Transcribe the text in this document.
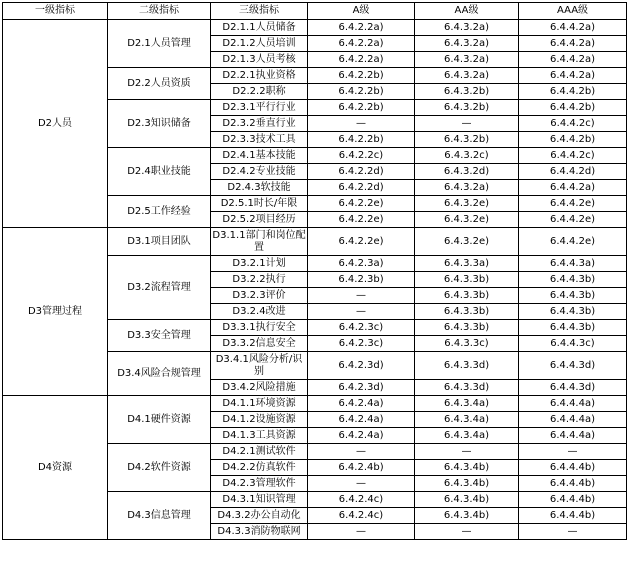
一级指标	二级指标	三级指标	A级	AA级	AAA级
D2人员	D2.1人员管理	D2.1.1人员储备	6.4.2.2a)	6.4.3.2a)	6.4.4.2a)
		D2.1.2人员培训	6.4.2.2a)	6.4.3.2a)	6.4.4.2a)
		D2.1.3人员考核	6.4.2.2a)	6.4.3.2a)	6.4.4.2a)
	D2.2人员资质	D2.2.1执业资格	6.4.2.2b)	6.4.3.2a)	6.4.4.2a)
		D2.2.2职称	6.4.2.2b)	6.4.3.2b)	6.4.4.2b)
	D2.3知识储备	D2.3.1平行行业	6.4.2.2b)	6.4.3.2b)	6.4.4.2b)
		D2.3.2垂直行业	—	—	6.4.4.2c)
		D2.3.3技术工具	6.4.2.2b)	6.4.3.2b)	6.4.4.2b)
	D2.4职业技能	D2.4.1基本技能	6.4.2.2c)	6.4.3.2c)	6.4.4.2c)
		D2.4.2专业技能	6.4.2.2d)	6.4.3.2d)	6.4.4.2d)
		D2.4.3软技能	6.4.2.2d)	6.4.3.2a)	6.4.4.2a)
	D2.5工作经验	D2.5.1时长/年限	6.4.2.2e)	6.4.3.2e)	6.4.4.2e)
		D2.5.2项目经历	6.4.2.2e)	6.4.3.2e)	6.4.4.2e)
D3管理过程	D3.1项目团队	D3.1.1部门和岗位配置	6.4.2.2e)	6.4.3.2e)	6.4.4.2e)
	D3.2流程管理	D3.2.1计划	6.4.2.3a)	6.4.3.3a)	6.4.4.3a)
		D3.2.2执行	6.4.2.3b)	6.4.3.3b)	6.4.4.3b)
		D3.2.3评价	—	6.4.3.3b)	6.4.4.3b)
		D3.2.4改进	—	6.4.3.3b)	6.4.4.3b)
	D3.3安全管理	D3.3.1执行安全	6.4.2.3c)	6.4.3.3b)	6.4.4.3b)
		D3.3.2信息安全	6.4.2.3c)	6.4.3.3c)	6.4.4.3c)
	D3.4风险合规管理	D3.4.1风险分析/识别	6.4.2.3d)	6.4.3.3d)	6.4.4.3d)
		D3.4.2风险措施	6.4.2.3d)	6.4.3.3d)	6.4.4.3d)
D4资源	D4.1硬件资源	D4.1.1环境资源	6.4.2.4a)	6.4.3.4a)	6.4.4.4a)
		D4.1.2设施资源	6.4.2.4a)	6.4.3.4a)	6.4.4.4a)
		D4.1.3工具资源	6.4.2.4a)	6.4.3.4a)	6.4.4.4a)
	D4.2软件资源	D4.2.1测试软件	—	—	—
		D4.2.2仿真软件	6.4.2.4b)	6.4.3.4b)	6.4.4.4b)
		D4.2.3管理软件	—	6.4.3.4b)	6.4.4.4b)
	D4.3信息管理	D4.3.1知识管理	6.4.2.4c)	6.4.3.4b)	6.4.4.4b)
		D4.3.2办公自动化	6.4.2.4c)	6.4.3.4b)	6.4.4.4b)
		D4.3.3消防物联网	—	—	—
